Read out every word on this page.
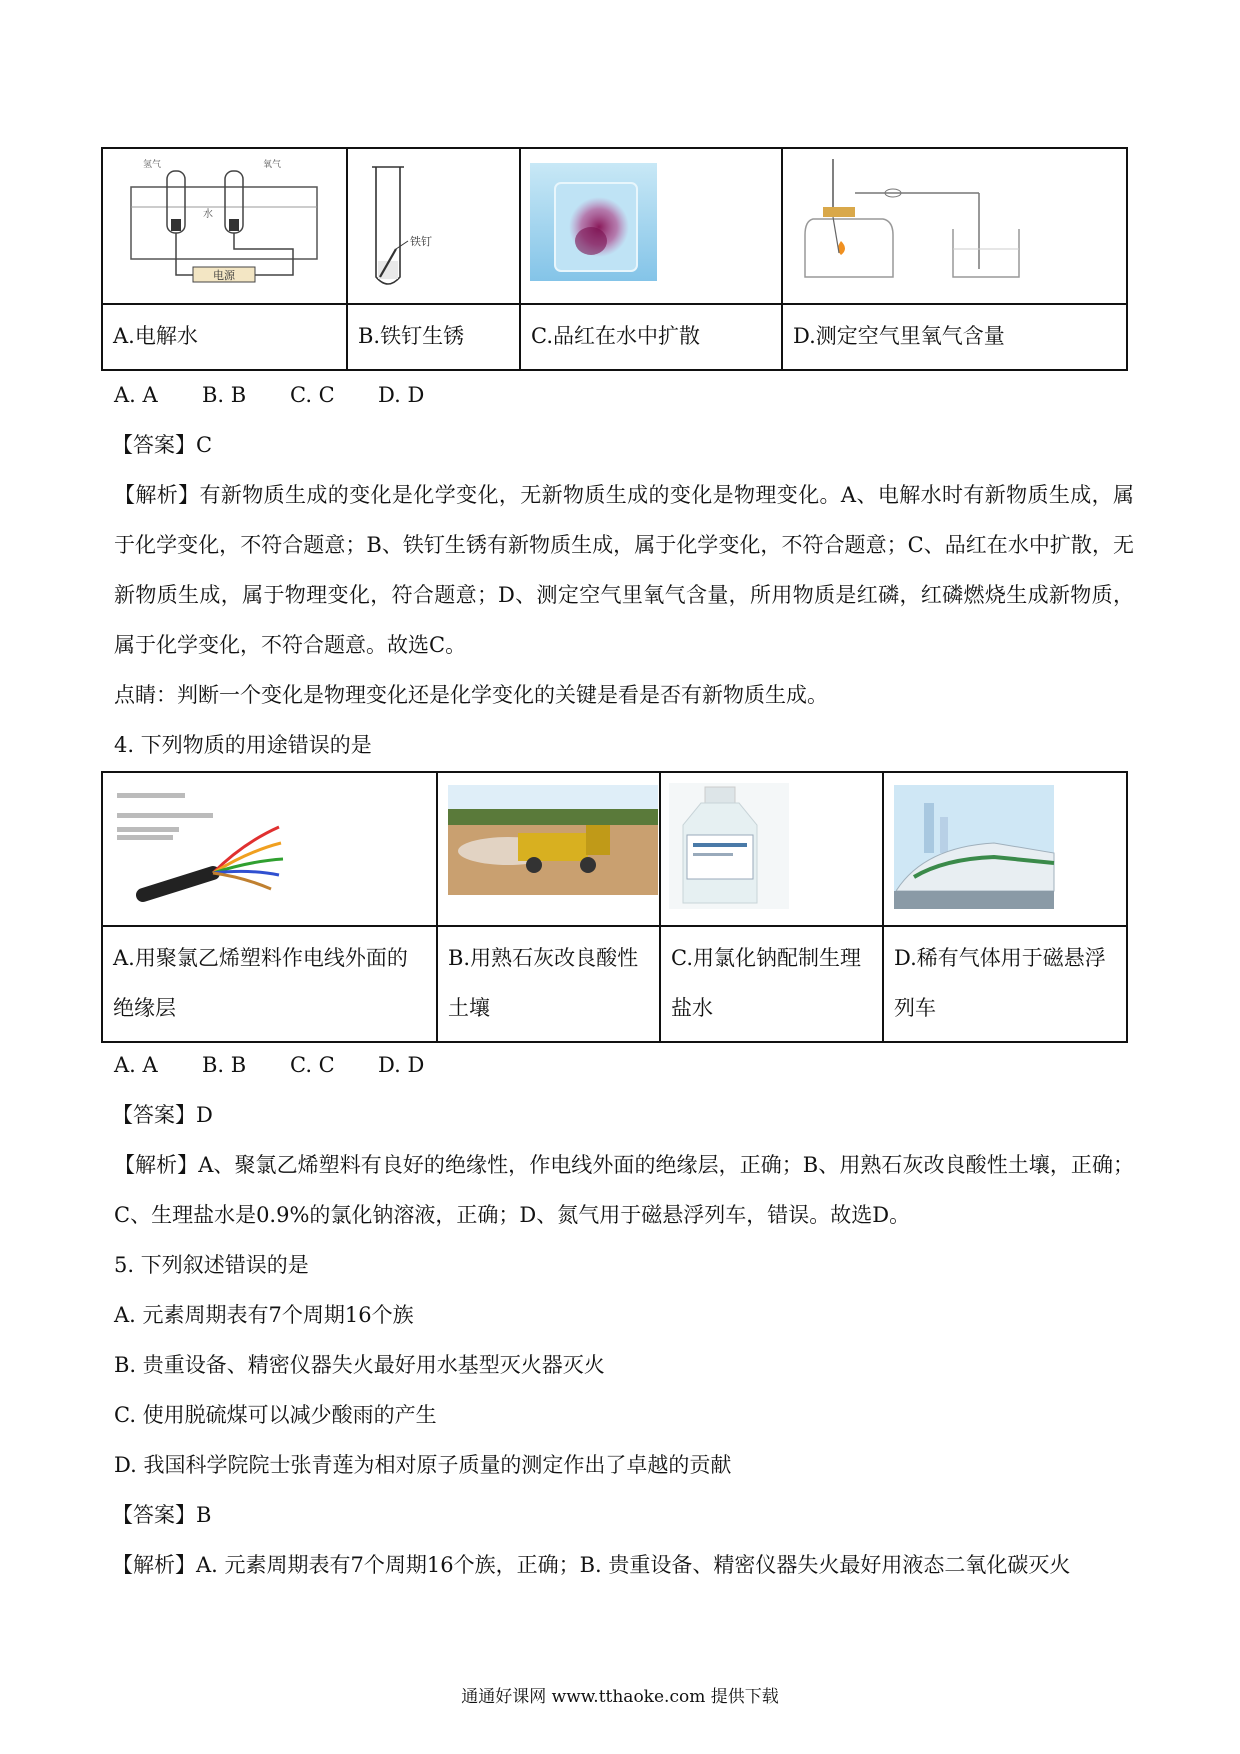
电源
氢气 氧气
水	铁钉

A.电解水	B.铁钉生锈	C.品红在水中扩散	D.测定空气里氧气含量
A. A B. B C. C D. D
【答案】C
【解析】有新物质生成的变化是化学变化，无新物质生成的变化是物理变化。A、电解水时有新物质生成，属于化学变化，不符合题意；B、铁钉生锈有新物质生成，属于化学变化，不符合题意；C、品红在水中扩散，无新物质生成，属于物理变化，符合题意；D、测定空气里氧气含量，所用物质是红磷，红磷燃烧生成新物质，属于化学变化，不符合题意。故选C。
点睛：判断一个变化是物理变化还是化学变化的关键是看是否有新物质生成。
4. 下列物质的用途错误的是

A.用聚氯乙烯塑料作电线外面的绝缘层	B.用熟石灰改良酸性土壤	C.用氯化钠配制生理盐水	D.稀有气体用于磁悬浮列车
A. A B. B C. C D. D
【答案】D
【解析】A、聚氯乙烯塑料有良好的绝缘性，作电线外面的绝缘层，正确；B、用熟石灰改良酸性土壤，正确；C、生理盐水是0.9%的氯化钠溶液，正确；D、氮气用于磁悬浮列车，错误。故选D。
5. 下列叙述错误的是
A. 元素周期表有7个周期16个族
B. 贵重设备、精密仪器失火最好用水基型灭火器灭火
C. 使用脱硫煤可以减少酸雨的产生
D. 我国科学院院士张青莲为相对原子质量的测定作出了卓越的贡献
【答案】B
【解析】A. 元素周期表有7个周期16个族，正确；B. 贵重设备、精密仪器失火最好用液态二氧化碳灭火
通通好课网 www.tthaoke.com 提供下载
